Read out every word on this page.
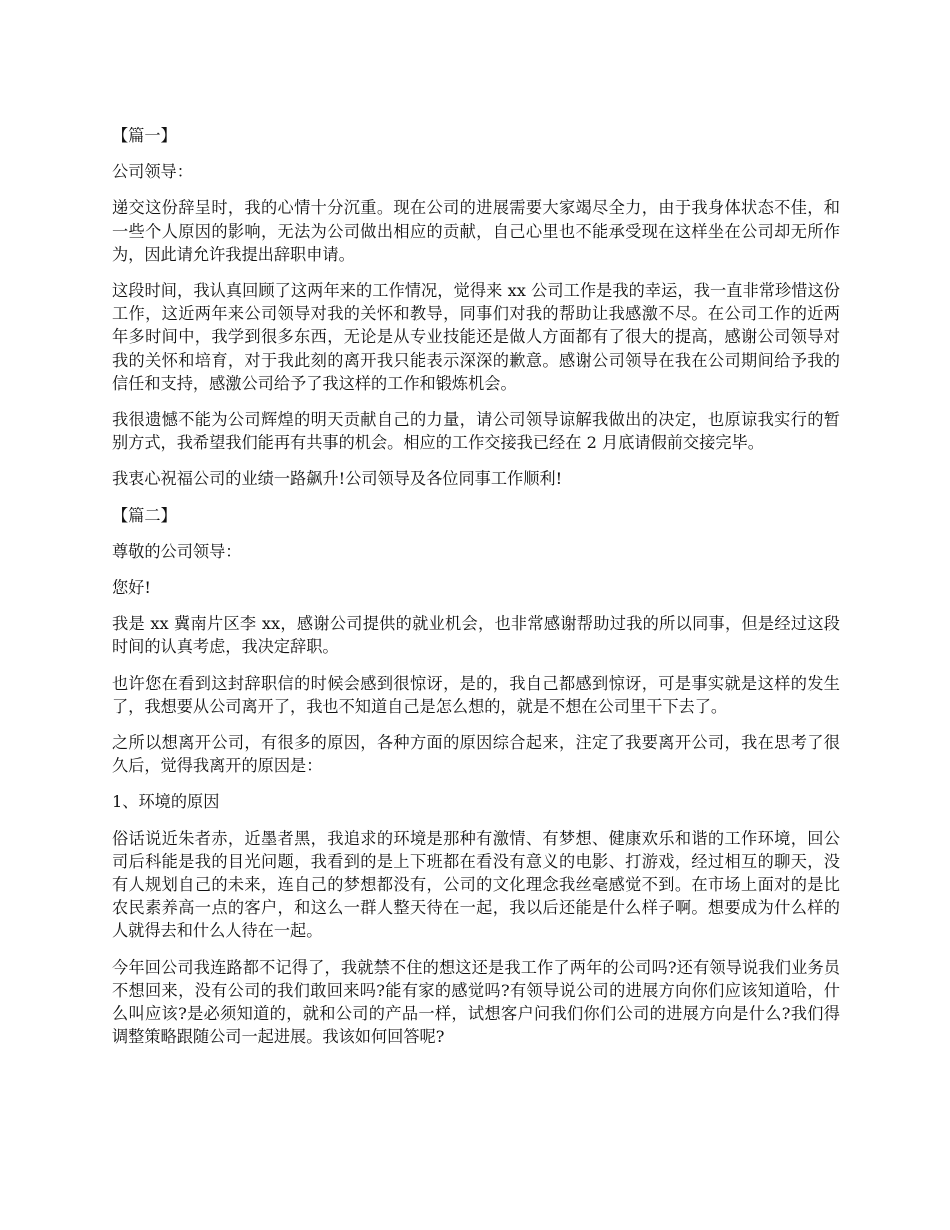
【篇一】

公司领导：

递交这份辞呈时，我的心情十分沉重。现在公司的进展需要大家竭尽全力，由于我身体状态不佳，和一些个人原因的影响，无法为公司做出相应的贡献，自己心里也不能承受现在这样坐在公司却无所作为，因此请允许我提出辞职申请。

这段时间，我认真回顾了这两年来的工作情况，觉得来 xx 公司工作是我的幸运，我一直非常珍惜这份工作，这近两年来公司领导对我的关怀和教导，同事们对我的帮助让我感激不尽。在公司工作的近两年多时间中，我学到很多东西，无论是从专业技能还是做人方面都有了很大的提高，感谢公司领导对我的关怀和培育，对于我此刻的离开我只能表示深深的歉意。感谢公司领导在我在公司期间给予我的信任和支持，感激公司给予了我这样的工作和锻炼机会。

我很遗憾不能为公司辉煌的明天贡献自己的力量，请公司领导谅解我做出的决定，也原谅我实行的暂别方式，我希望我们能再有共事的机会。相应的工作交接我已经在 2 月底请假前交接完毕。

我衷心祝福公司的业绩一路飙升!公司领导及各位同事工作顺利!

【篇二】

尊敬的公司领导：

您好!

我是 xx 冀南片区李 xx，感谢公司提供的就业机会，也非常感谢帮助过我的所以同事，但是经过这段时间的认真考虑，我决定辞职。

也许您在看到这封辞职信的时候会感到很惊讶，是的，我自己都感到惊讶，可是事实就是这样的发生了，我想要从公司离开了，我也不知道自己是怎么想的，就是不想在公司里干下去了。

之所以想离开公司，有很多的原因，各种方面的原因综合起来，注定了我要离开公司，我在思考了很久后，觉得我离开的原因是：

1、环境的原因

俗话说近朱者赤，近墨者黑，我追求的环境是那种有激情、有梦想、健康欢乐和谐的工作环境，回公司后科能是我的目光问题，我看到的是上下班都在看没有意义的电影、打游戏，经过相互的聊天，没有人规划自己的未来，连自己的梦想都没有，公司的文化理念我丝毫感觉不到。在市场上面对的是比农民素养高一点的客户，和这么一群人整天待在一起，我以后还能是什么样子啊。想要成为什么样的人就得去和什么人待在一起。

今年回公司我连路都不记得了，我就禁不住的想这还是我工作了两年的公司吗?还有领导说我们业务员不想回来，没有公司的我们敢回来吗?能有家的感觉吗?有领导说公司的进展方向你们应该知道哈，什么叫应该?是必须知道的，就和公司的产品一样，试想客户问我们你们公司的进展方向是什么?我们得调整策略跟随公司一起进展。我该如何回答呢?
